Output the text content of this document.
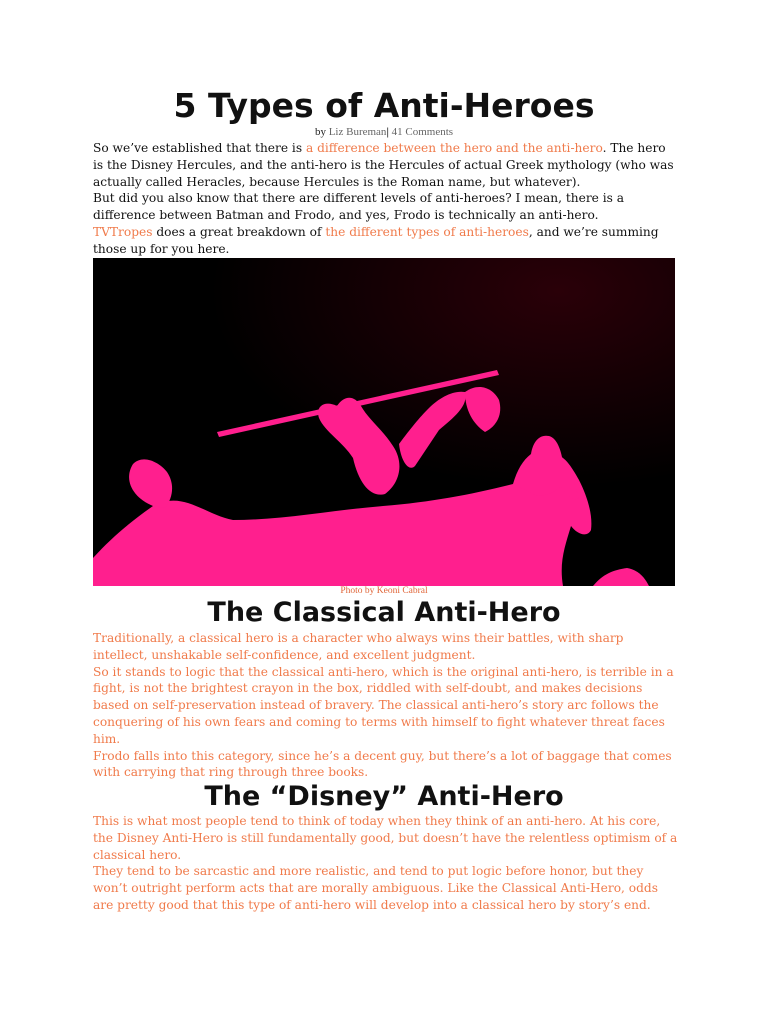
5 Types of Anti-Heroes
by Liz Bureman| 41 Comments

So we’ve established that there is a difference between the hero and the anti-hero. The hero is the Disney Hercules, and the anti-hero is the Hercules of actual Greek mythology (who was actually called Heracles, because Hercules is the Roman name, but whatever).

But did you also know that there are different levels of anti-heroes? I mean, there is a difference between Batman and Frodo, and yes, Frodo is technically an anti-hero.

TVTropes does a great breakdown of the different types of anti-heroes, and we’re summing those up for you here.

Photo by Keoni Cabral
The Classical Anti-Hero

Traditionally, a classical hero is a character who always wins their battles, with sharp intellect, unshakable self-confidence, and excellent judgment.

So it stands to logic that the classical anti-hero, which is the original anti-hero, is terrible in a fight, is not the brightest crayon in the box, riddled with self-doubt, and makes decisions based on self-preservation instead of bravery. The classical anti-hero’s story arc follows the conquering of his own fears and coming to terms with himself to fight whatever threat faces him.

Frodo falls into this category, since he’s a decent guy, but there’s a lot of baggage that comes with carrying that ring through three books.

The “Disney” Anti-Hero

This is what most people tend to think of today when they think of an anti-hero. At his core, the Disney Anti-Hero is still fundamentally good, but doesn’t have the relentless optimism of a classical hero.

They tend to be sarcastic and more realistic, and tend to put logic before honor, but they won’t outright perform acts that are morally ambiguous. Like the Classical Anti-Hero, odds are pretty good that this type of anti-hero will develop into a classical hero by story’s end.
